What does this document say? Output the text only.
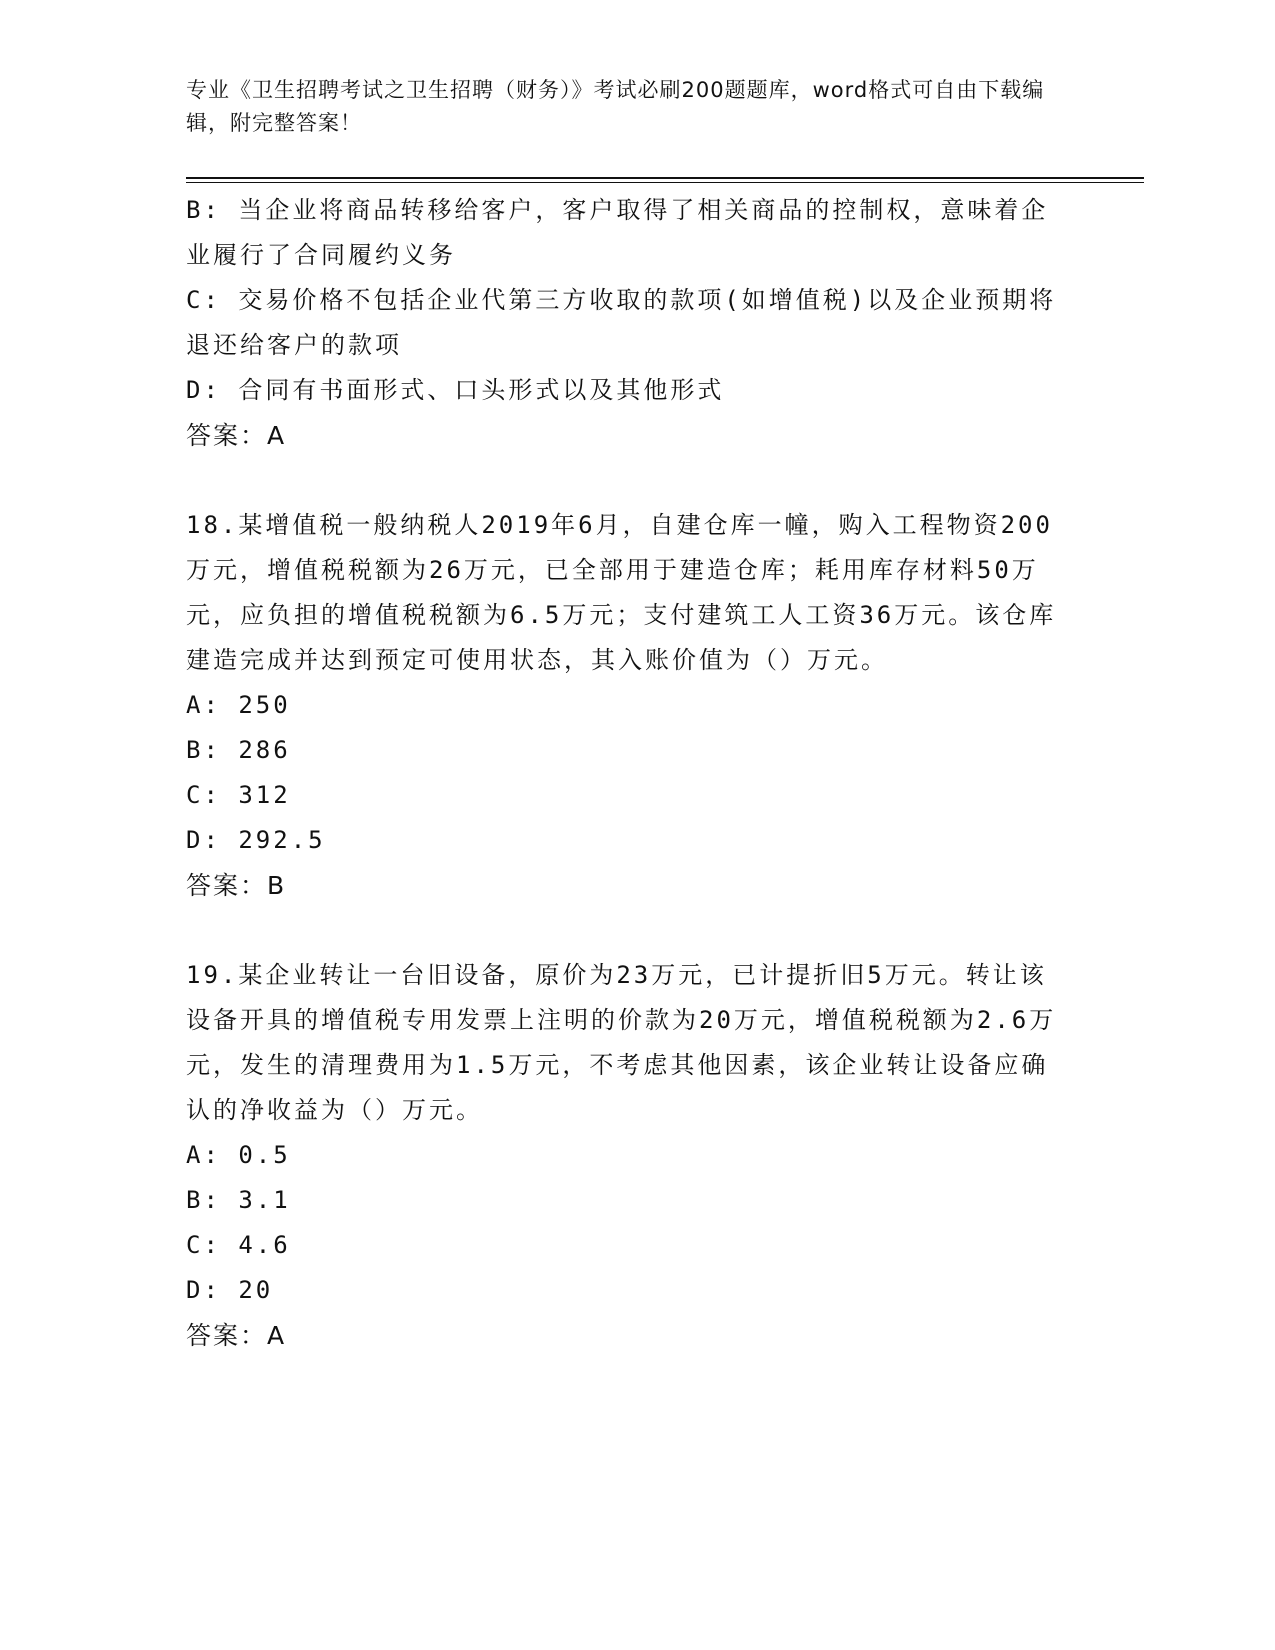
专业《卫生招聘考试之卫生招聘（财务）》考试必刷200题题库，word格式可自由下载编辑，附完整答案！

B: 当企业将商品转移给客户，客户取得了相关商品的控制权，意味着企业履行了合同履约义务

C: 交易价格不包括企业代第三方收取的款项(如增值税)以及企业预期将退还给客户的款项

D: 合同有书面形式、口头形式以及其他形式

答案：A

18.某增值税一般纳税人2019年6月，自建仓库一幢，购入工程物资200万元，增值税税额为26万元，已全部用于建造仓库；耗用库存材料50万元，应负担的增值税税额为6.5万元；支付建筑工人工资36万元。该仓库建造完成并达到预定可使用状态，其入账价值为（）万元。

A: 250

B: 286

C: 312

D: 292.5

答案：B

19.某企业转让一台旧设备，原价为23万元，已计提折旧5万元。转让该设备开具的增值税专用发票上注明的价款为20万元，增值税税额为2.6万元，发生的清理费用为1.5万元，不考虑其他因素，该企业转让设备应确认的净收益为（）万元。

A: 0.5

B: 3.1

C: 4.6

D: 20

答案：A
